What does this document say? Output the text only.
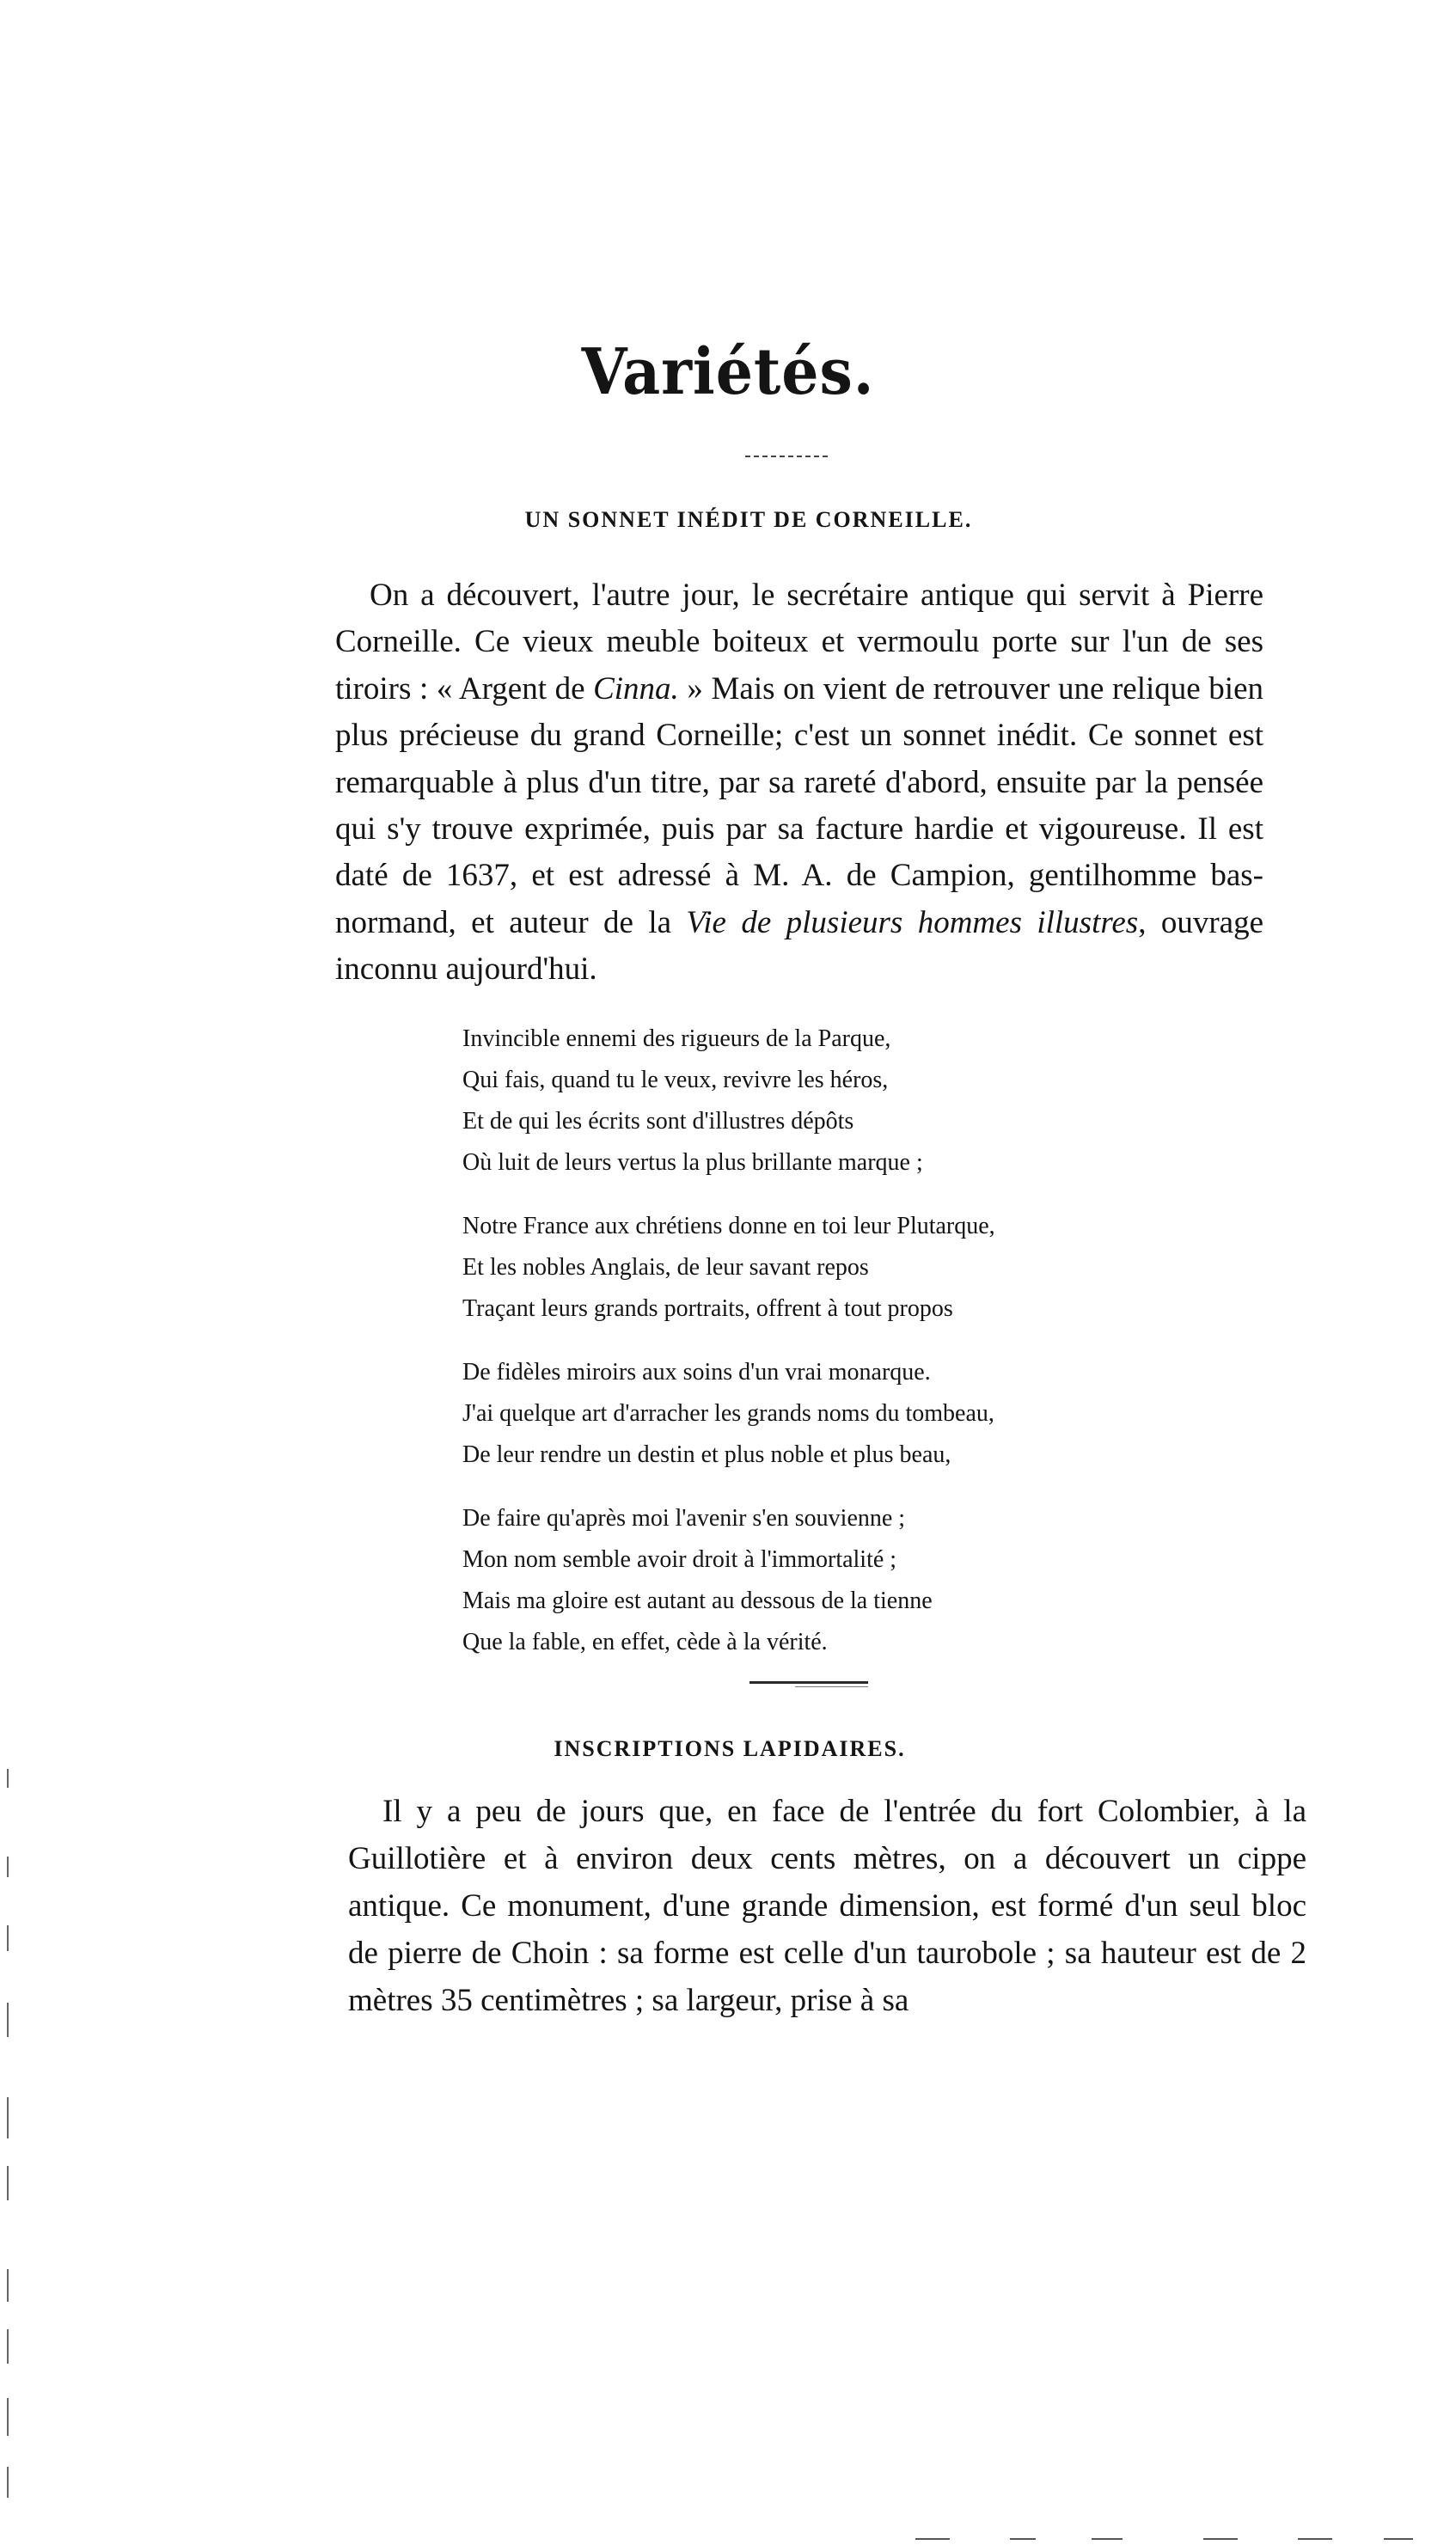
Variétés.
UN SONNET INÉDIT DE CORNEILLE.

On a découvert, l'autre jour, le secrétaire antique qui servit à Pierre Corneille. Ce vieux meuble boiteux et vermoulu porte sur l'un de ses tiroirs : « Argent de Cinna. » Mais on vient de retrouver une relique bien plus précieuse du grand Corneille; c'est un sonnet inédit. Ce sonnet est remarquable à plus d'un titre, par sa rareté d'abord, ensuite par la pensée qui s'y trouve exprimée, puis par sa facture hardie et vigoureuse. Il est daté de 1637, et est adressé à M. A. de Campion, gentilhomme bas-normand, et auteur de la Vie de plusieurs hommes illustres, ouvrage inconnu aujourd'hui.

Invincible ennemi des rigueurs de la Parque,
Qui fais, quand tu le veux, revivre les héros,
Et de qui les écrits sont d'illustres dépôts
Où luit de leurs vertus la plus brillante marque ;
Notre France aux chrétiens donne en toi leur Plutarque,
Et les nobles Anglais, de leur savant repos
Traçant leurs grands portraits, offrent à tout propos
De fidèles miroirs aux soins d'un vrai monarque.
J'ai quelque art d'arracher les grands noms du tombeau,
De leur rendre un destin et plus noble et plus beau,
De faire qu'après moi l'avenir s'en souvienne ;
Mon nom semble avoir droit à l'immortalité ;
Mais ma gloire est autant au dessous de la tienne
Que la fable, en effet, cède à la vérité.
INSCRIPTIONS LAPIDAIRES.

Il y a peu de jours que, en face de l'entrée du fort Colombier, à la Guillotière et à environ deux cents mètres, on a découvert un cippe antique. Ce monument, d'une grande dimension, est formé d'un seul bloc de pierre de Choin : sa forme est celle d'un taurobole ; sa hauteur est de 2 mètres 35 centimètres ; sa largeur, prise à sa
